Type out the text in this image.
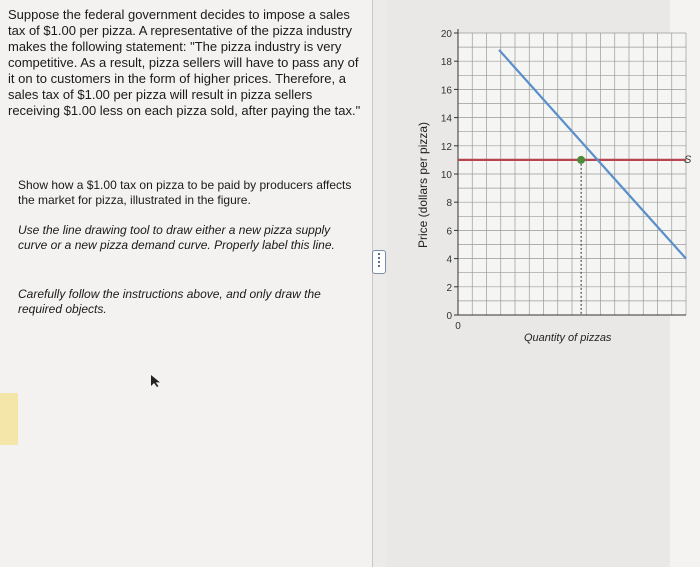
Suppose the federal government decides to impose a sales tax of $1.00 per pizza. A representative of the pizza industry makes the following statement: "The pizza industry is very competitive. As a result, pizza sellers will have to pass any of it on to customers in the form of higher prices. Therefore, a sales tax of $1.00 per pizza will result in pizza sellers receiving $1.00 less on each pizza sold, after paying the tax."
Show how a $1.00 tax on pizza to be paid by producers affects the market for pizza, illustrated in the figure.
Use the line drawing tool to draw either a new pizza supply curve or a new pizza demand curve. Properly label this line.
Carefully follow the instructions above, and only draw the required objects.
Price (dollars per pizza)
0
2
4
6
8
10
12
14
16
18
20
0
S
Quantity of pizzas
